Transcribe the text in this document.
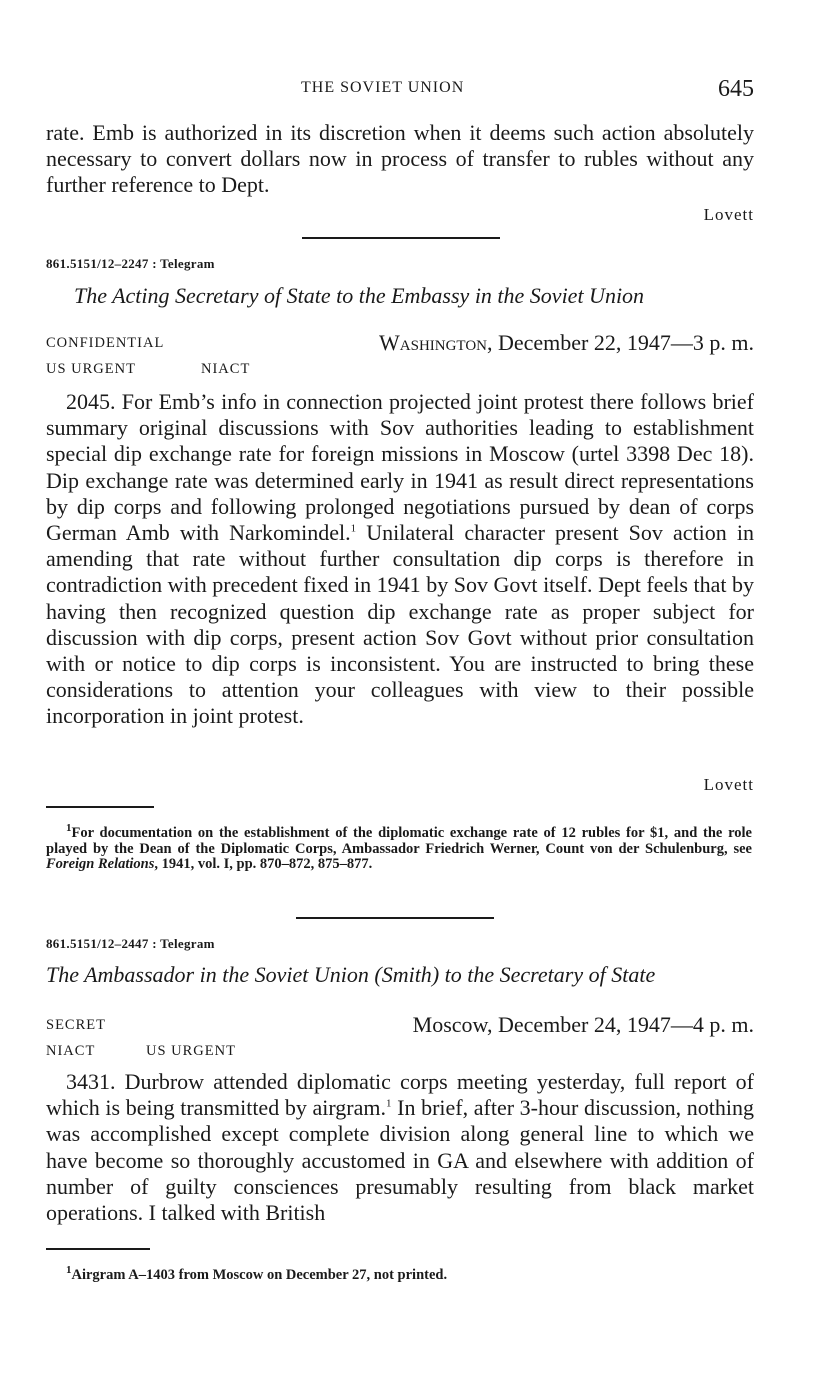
THE SOVIET UNION	645
rate. Emb is authorized in its discretion when it deems such action absolutely necessary to convert dollars now in process of transfer to rubles without any further reference to Dept.
Lovett
861.5151/12–2247 : Telegram
The Acting Secretary of State to the Embassy in the Soviet Union
CONFIDENTIAL	Washington, December 22, 1947—3 p. m.
US URGENT	NIACT
2045. For Emb’s info in connection projected joint protest there follows brief summary original discussions with Sov authorities leading to establishment special dip exchange rate for foreign missions in Moscow (urtel 3398 Dec 18). Dip exchange rate was determined early in 1941 as result direct representations by dip corps and following prolonged negotiations pursued by dean of corps German Amb with Narkomindel.$^1$ Unilateral character present Sov action in amending that rate without further consultation dip corps is therefore in contradiction with precedent fixed in 1941 by Sov Govt itself. Dept feels that by having then recognized question dip exchange rate as proper subject for discussion with dip corps, present action Sov Govt without prior consultation with or notice to dip corps is inconsistent. You are instructed to bring these considerations to attention your colleagues with view to their possible incorporation in joint protest.
Lovett
$^1$For documentation on the establishment of the diplomatic exchange rate of 12 rubles for $1, and the role played by the Dean of the Diplomatic Corps, Ambassador Friedrich Werner, Count von der Schulenburg, see Foreign Relations, 1941, vol. I, pp. 870–872, 875–877.
861.5151/12–2447 : Telegram
The Ambassador in the Soviet Union (Smith) to the Secretary of State
SECRET	Moscow, December 24, 1947—4 p. m.
NIACT	US URGENT
3431. Durbrow attended diplomatic corps meeting yesterday, full report of which is being transmitted by airgram.$^1$ In brief, after 3-hour discussion, nothing was accomplished except complete division along general line to which we have become so thoroughly accustomed in GA and elsewhere with addition of number of guilty consciences presumably resulting from black market operations. I talked with British
$^1$Airgram A–1403 from Moscow on December 27, not printed.
